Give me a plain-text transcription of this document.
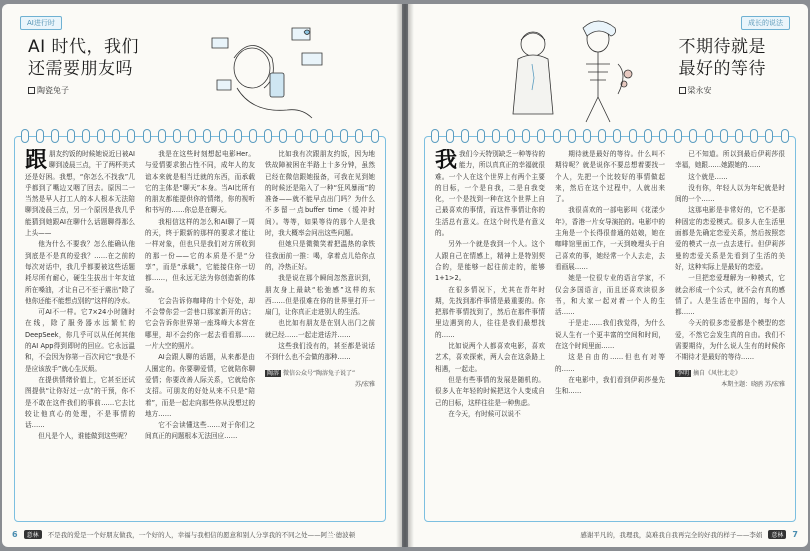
AI进行时
AI 时代，我们
还需要朋友吗
陶瓷兔子

跟朋友约饭的时候她说近日被AI聊到凌晨三点，干了两杯美式还是好困。我想，“你怎么不找我”几乎都到了嘴边又咽了回去。原因二一当然是早人打工人的本人根本无法陪聊到凌晨三点，另一个原因是我几乎能猜到她跟AI在聊什么话题聊得那么上头——

他为什么不要我？怎么能确认他到底是不是真的爱我？……在之前的每次对话中，我几乎都要被这些话题耗尽所有耐心，硬生生拔出十年友谊所在嗓油，才让自己不至于震出“除了他你还能不能想点别的”这样的冷水。

可AI不一样。它7×24小时随时在线，除了服务器水远繁忙的DeepSeek，你几乎可以从任何其他的AI App得到即时的回应。它永远温和，不会因为你第一百次问它“我是不是应该放手”就心生厌烦。

在提供情绪价值上，它甚至还试图提供“让你好过一点”的干预，你不是不敢在这件我们的事前……它去比较让他真心的处理，不是事情的话……

但凡是个人，谁能做到这些呢？

我是在这些时刻想起电影Her。与爱情要求独占性不同，成年人的友谊本来就是相当迁就的东西，而承载它的主体是“聊天”本身。当AI比所有的朋友都能提供你的情绪，你的视听和书写的……你总是在聊天。

我相信这样的怎么和AI聊了一周的天，终于跟新的那样的要求才能让一样对象，但也只是我们对方所收到的那一份——它的本质是不是“分享”，而是“承载”，它能接住你一切都……，但永远无法为你创造新的体验。

它会告诉你咖啡的十个好处，却不会带你尝一尝巷口那家新开的店；它会告诉你世界第一座珠峰大本营在哪里，却不会约你一起去看看那……一片大空的照片。

AI会跟人聊的话题，从来都是由人圈定的。你要聊爱情，它就陪你聊爱情；你要改善人际关系，它就给你支招。可朋友的好处从来不只是“陪着”，而是一起走向那些你从没想过的地方……

它不会读懂这些……对于你们之间真正的问题根本无法回应……

比如我有次跟朋友约饭，因为地铁故障被困在半路上十多分钟，虽然已经在微信跟她报备，可我在见到她的时候还是陷入了一种“狂风暴雨”的准备——就不能早点出门吗？为什么不多留一点buffer time（缓冲时间）。等等，如果等待的那个人是我时，我大概率会问出这些问题。

但她只是微微笑着把温热的拿铁往我面前一推：喝，拿着点儿给你点的，冷热正好。

我是说在那个瞬间忽然意识到，朋友身上最缺“松弛感”这样的东西……但是很难在你的世界里打开一扇门，让你真正走进别人的生活。

也比如有朋友是在别人出门之前就已经……一起走进话并……

这些我们没有的，甚至都是说话不到什么也不会做的那种……

陶溶 微信公众号“陶溶兔子说了”
苏/宏雅
6	意林	不是我的爱是一个好朋友做我，一个好的人，幸福与我相信的愿意和别人分享我的不同之处——阿兰·德波顿
成长的说法
不期待就是
最好的等待
梁永安

我我们今天特别缺乏一种等待的能力，所以真真正的幸福就很难。一个人在这个世界上有两个主要的目标，一个是自我，二是自我变化，一个是找到一种在这个世界上自己最喜欢的事情，而这件事情让你的生活总有意义。在这个时代是有意义的。

另外一个就是我到一个人。这个人跟自己在情感上，精神上是特别契合的，是能够一起往前走的，能够1+1>2。

在很多情况下，尤其在青年时期，先找到那件事情是最重要的。你把那件事情找到了，然后在那件事情里边遇到的人，往往是我们最想找的……

比如说两个人都喜欢电影，喜欢艺术，喜欢探索，两人会在这条路上相遇，一起走。

但是有些事情的发展是随机的。很多人在年轻的时候把这个人变成自己的目标，这样往往是一种焦虑。

在今天，有时候可以说不

期待就是最好的等待。什么叫不期待呢？就是说你不要总想着要找一个人，先把一个比较好的事情做起来，然后在这个过程中，人就出来了。

我很喜欢的一部电影叫《花漾少年》，香港一片女导演拍的。电影中的主角是一个长得很普通的姑娘，她在咖啡馆里面工作，一天到晚埋头于自己喜欢的事，她经常一个人去走，去看画展……

她是一位很专业的语言学家，不仅会多国语言，而且还喜欢读很多书，和大家一起对着一个人的生活……

于是走……我们我觉得，为什么说人生有一个更丰富的空间和时间，在这个时间里面……

这是自由的……但也有对等的……

在电影中，我们看到伊莉莎曼先生和……

已不知道。所以到最后伊莉莎很幸福，她跟……她跟她的……

这个就是……

没有你，年轻人以为年纪就是时间的一个……

这那电影是非常好的，它不是那种固定的恋爱模式。很多人在生活里面都是先确定恋爱关系，然后按照恋爱的模式一点一点去进行。但伊莉莎曼的恋爱关系是先看到了生活的美好，这种实际上是最好的恋爱。

一旦把恋爱理解为一种模式，它就会形成一个公式，就不会有真的感情了。人是生活在中国的，每个人都……

今天的很多恋爱都是个模型的恋爱，不然它会发生真的自由。我们不需要期待，为什么说人生有的时候你不期待才是最好的等待……

李明 摘自《风往北走》
本期主题：晓鸥 苏/宏雅
感谢平凡的，我理我，莫难我自我再完全的好我的样子——李娟	意林	7
